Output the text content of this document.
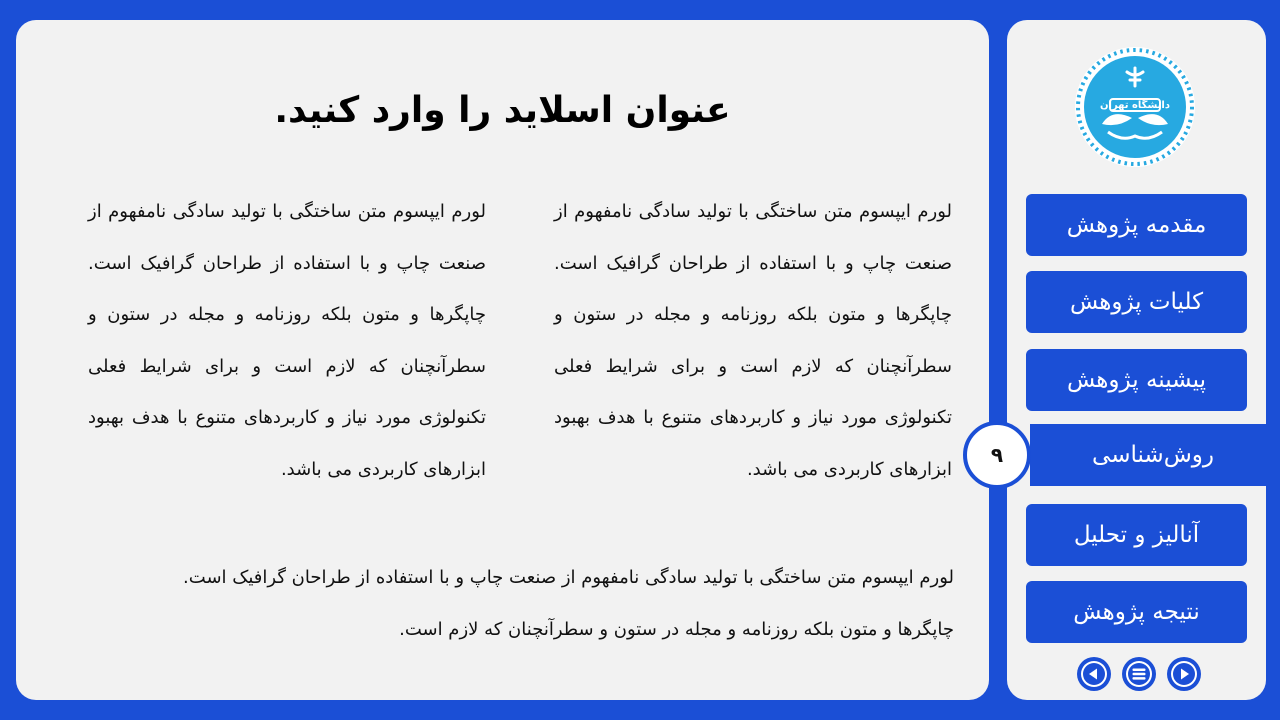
عنوان اسلاید را وارد کنید.

لورم ایپسوم متن ساختگی با تولید سادگی نامفهوم از صنعت چاپ و با استفاده از طراحان گرافیک است. چاپگرها و متون بلکه روزنامه و مجله در ستون و سطرآنچنان که لازم است و برای شرایط فعلی تکنولوژی مورد نیاز و کاربردهای متنوع با هدف بهبود ابزارهای کاربردی می باشد.

لورم ایپسوم متن ساختگی با تولید سادگی نامفهوم از صنعت چاپ و با استفاده از طراحان گرافیک است. چاپگرها و متون بلکه روزنامه و مجله در ستون و سطرآنچنان که لازم است و برای شرایط فعلی تکنولوژی مورد نیاز و کاربردهای متنوع با هدف بهبود ابزارهای کاربردی می باشد.

لورم ایپسوم متن ساختگی با تولید سادگی نامفهوم از صنعت چاپ و با استفاده از طراحان گرافیک است.
چاپگرها و متون بلکه روزنامه و مجله در ستون و سطرآنچنان که لازم است.
دانشگاه تهران
مقدمه پژوهش
کلیات پژوهش
پیشینه پژوهش
روش‌شناسی
۹
آنالیز و تحلیل
نتیجه پژوهش
